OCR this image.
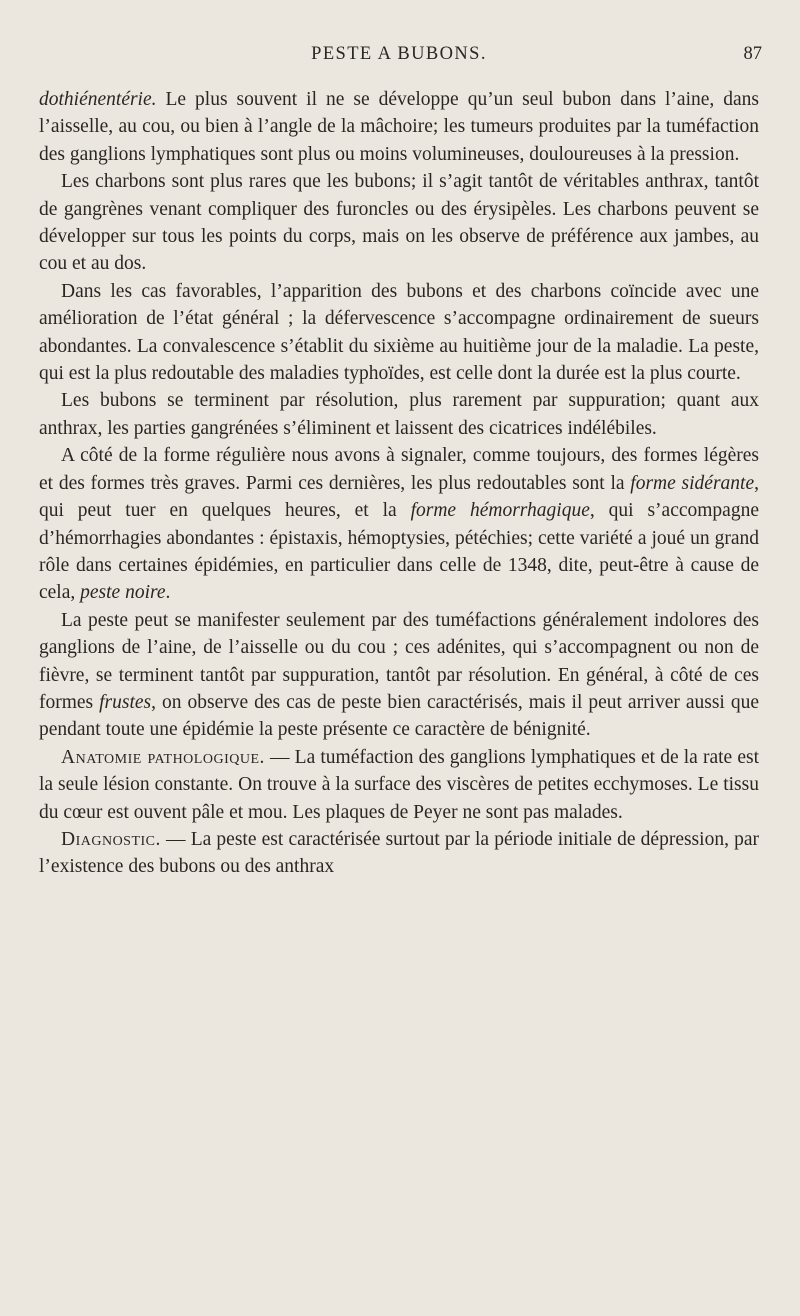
PESTE A BUBONS.	87

dothiénentérie. Le plus souvent il ne se développe qu’un seul bubon dans l’aine, dans l’aisselle, au cou, ou bien à l’angle de la mâchoire; les tumeurs produites par la tuméfaction des ganglions lymphatiques sont plus ou moins volumineuses, douloureuses à la pression.

Les charbons sont plus rares que les bubons; il s’agit tantôt de véritables anthrax, tantôt de gangrènes venant compliquer des furoncles ou des érysipèles. Les charbons peuvent se développer sur tous les points du corps, mais on les observe de préférence aux jambes, au cou et au dos.

Dans les cas favorables, l’apparition des bubons et des charbons coïncide avec une amélioration de l’état général ; la défervescence s’accompagne ordinairement de sueurs abondantes. La convalescence s’établit du sixième au huitième jour de la maladie. La peste, qui est la plus redoutable des maladies typhoïdes, est celle dont la durée est la plus courte.

Les bubons se terminent par résolution, plus rarement par suppuration; quant aux anthrax, les parties gangrénées s’éliminent et laissent des cicatrices indélébiles.

A côté de la forme régulière nous avons à signaler, comme toujours, des formes légères et des formes très graves. Parmi ces dernières, les plus redoutables sont la forme sidérante, qui peut tuer en quelques heures, et la forme hémorrhagique, qui s’accompagne d’hémorrhagies abondantes : épistaxis, hémoptysies, pétéchies; cette variété a joué un grand rôle dans certaines épidémies, en particulier dans celle de 1348, dite, peut-être à cause de cela, peste noire.

La peste peut se manifester seulement par des tuméfactions généralement indolores des ganglions de l’aine, de l’aisselle ou du cou ; ces adénites, qui s’accompagnent ou non de fièvre, se terminent tantôt par suppuration, tantôt par résolution. En général, à côté de ces formes frustes, on observe des cas de peste bien caractérisés, mais il peut arriver aussi que pendant toute une épidémie la peste présente ce caractère de bénignité.

Anatomie pathologique. — La tuméfaction des ganglions lymphatiques et de la rate est la seule lésion constante. On trouve à la surface des viscères de petites ecchymoses. Le tissu du cœur est ouvent pâle et mou. Les plaques de Peyer ne sont pas malades.

Diagnostic. — La peste est caractérisée surtout par la période initiale de dépression, par l’existence des bubons ou des anthrax
